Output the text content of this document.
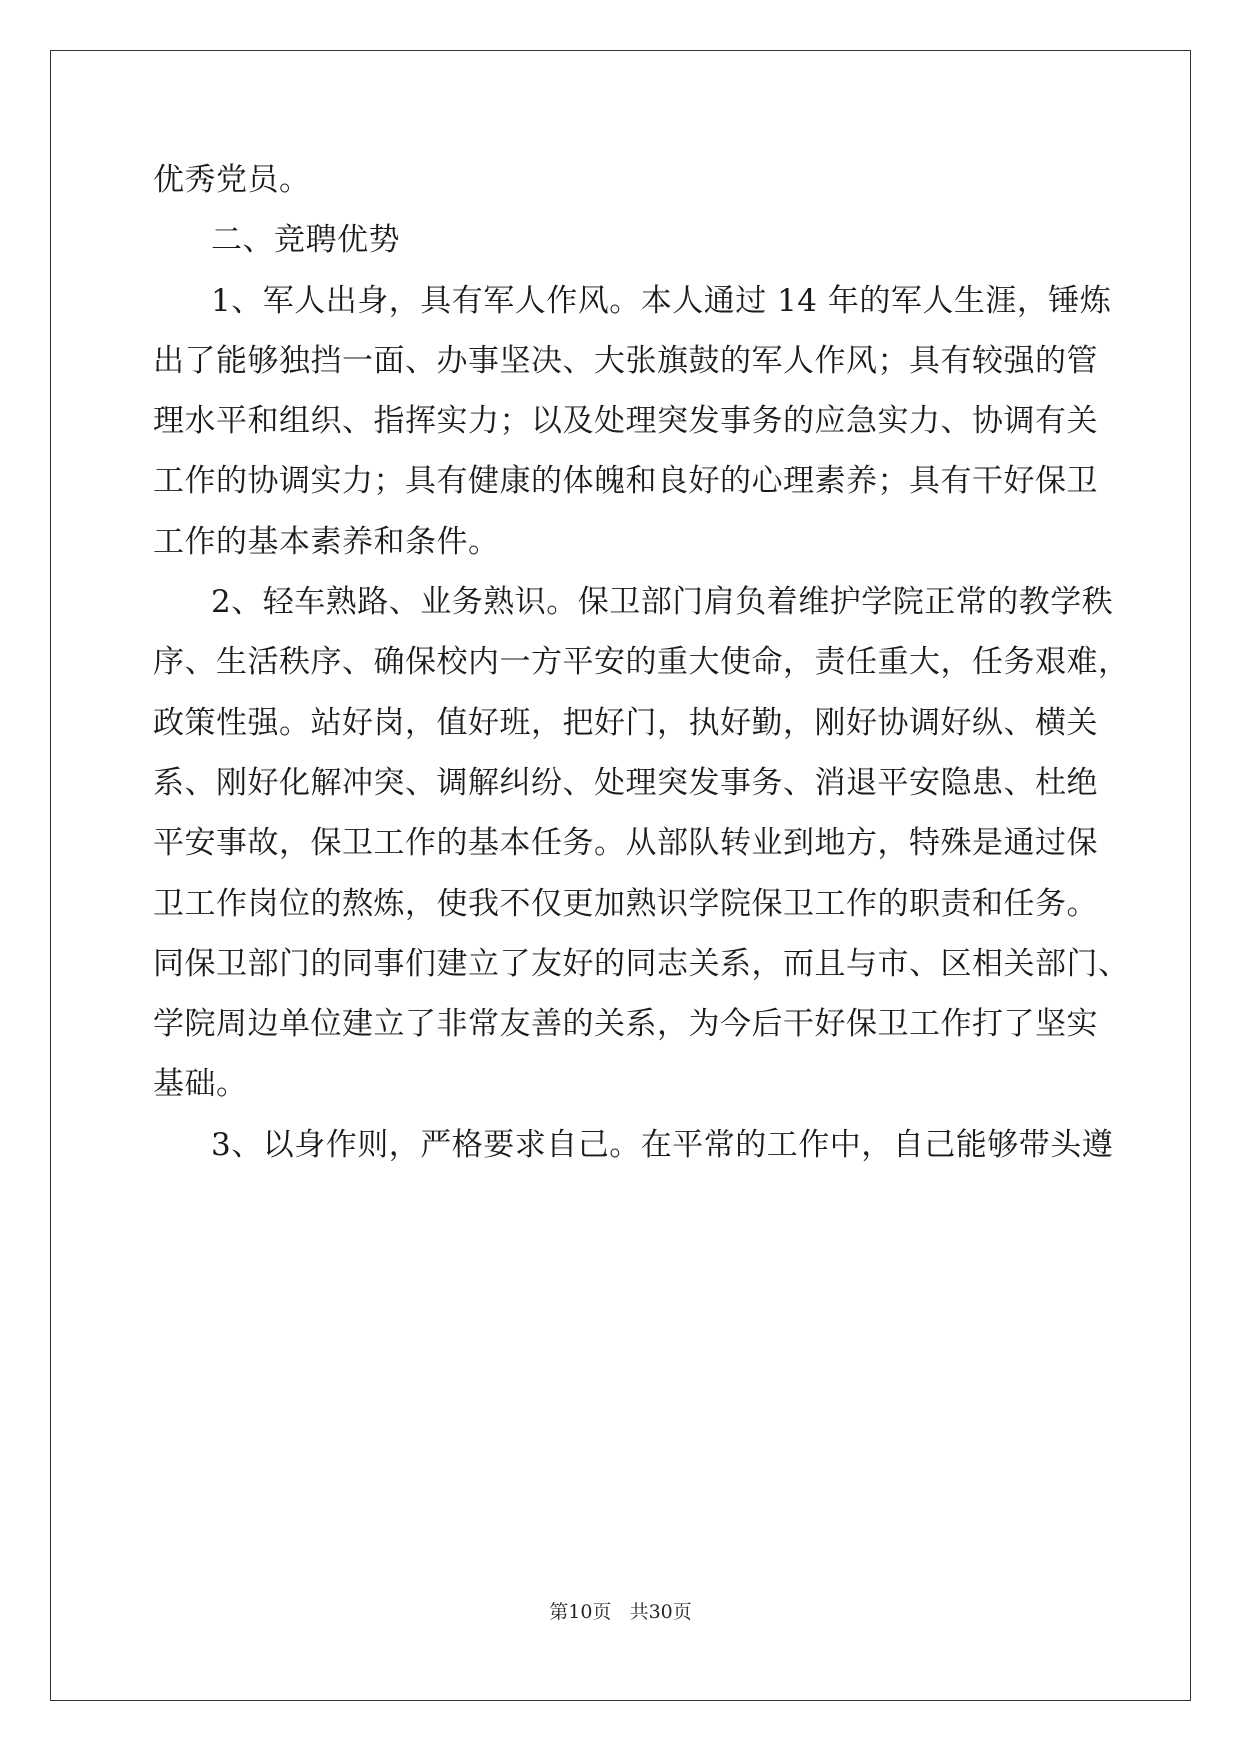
优秀党员。
二、竞聘优势
1、军人出身，具有军人作风。本人通过 14 年的军人生涯，锤炼
出了能够独挡一面、办事坚决、大张旗鼓的军人作风；具有较强的管
理水平和组织、指挥实力；以及处理突发事务的应急实力、协调有关
工作的协调实力；具有健康的体魄和良好的心理素养；具有干好保卫
工作的基本素养和条件。
2、轻车熟路、业务熟识。保卫部门肩负着维护学院正常的教学秩
序、生活秩序、确保校内一方平安的重大使命，责任重大，任务艰难，
政策性强。站好岗，值好班，把好门，执好勤，刚好协调好纵、横关
系、刚好化解冲突、调解纠纷、处理突发事务、消退平安隐患、杜绝
平安事故，保卫工作的基本任务。从部队转业到地方，特殊是通过保
卫工作岗位的熬炼，使我不仅更加熟识学院保卫工作的职责和任务。
同保卫部门的同事们建立了友好的同志关系，而且与市、区相关部门、
学院周边单位建立了非常友善的关系，为今后干好保卫工作打了坚实
基础。
3、以身作则，严格要求自己。在平常的工作中，自己能够带头遵
第10页 共30页
